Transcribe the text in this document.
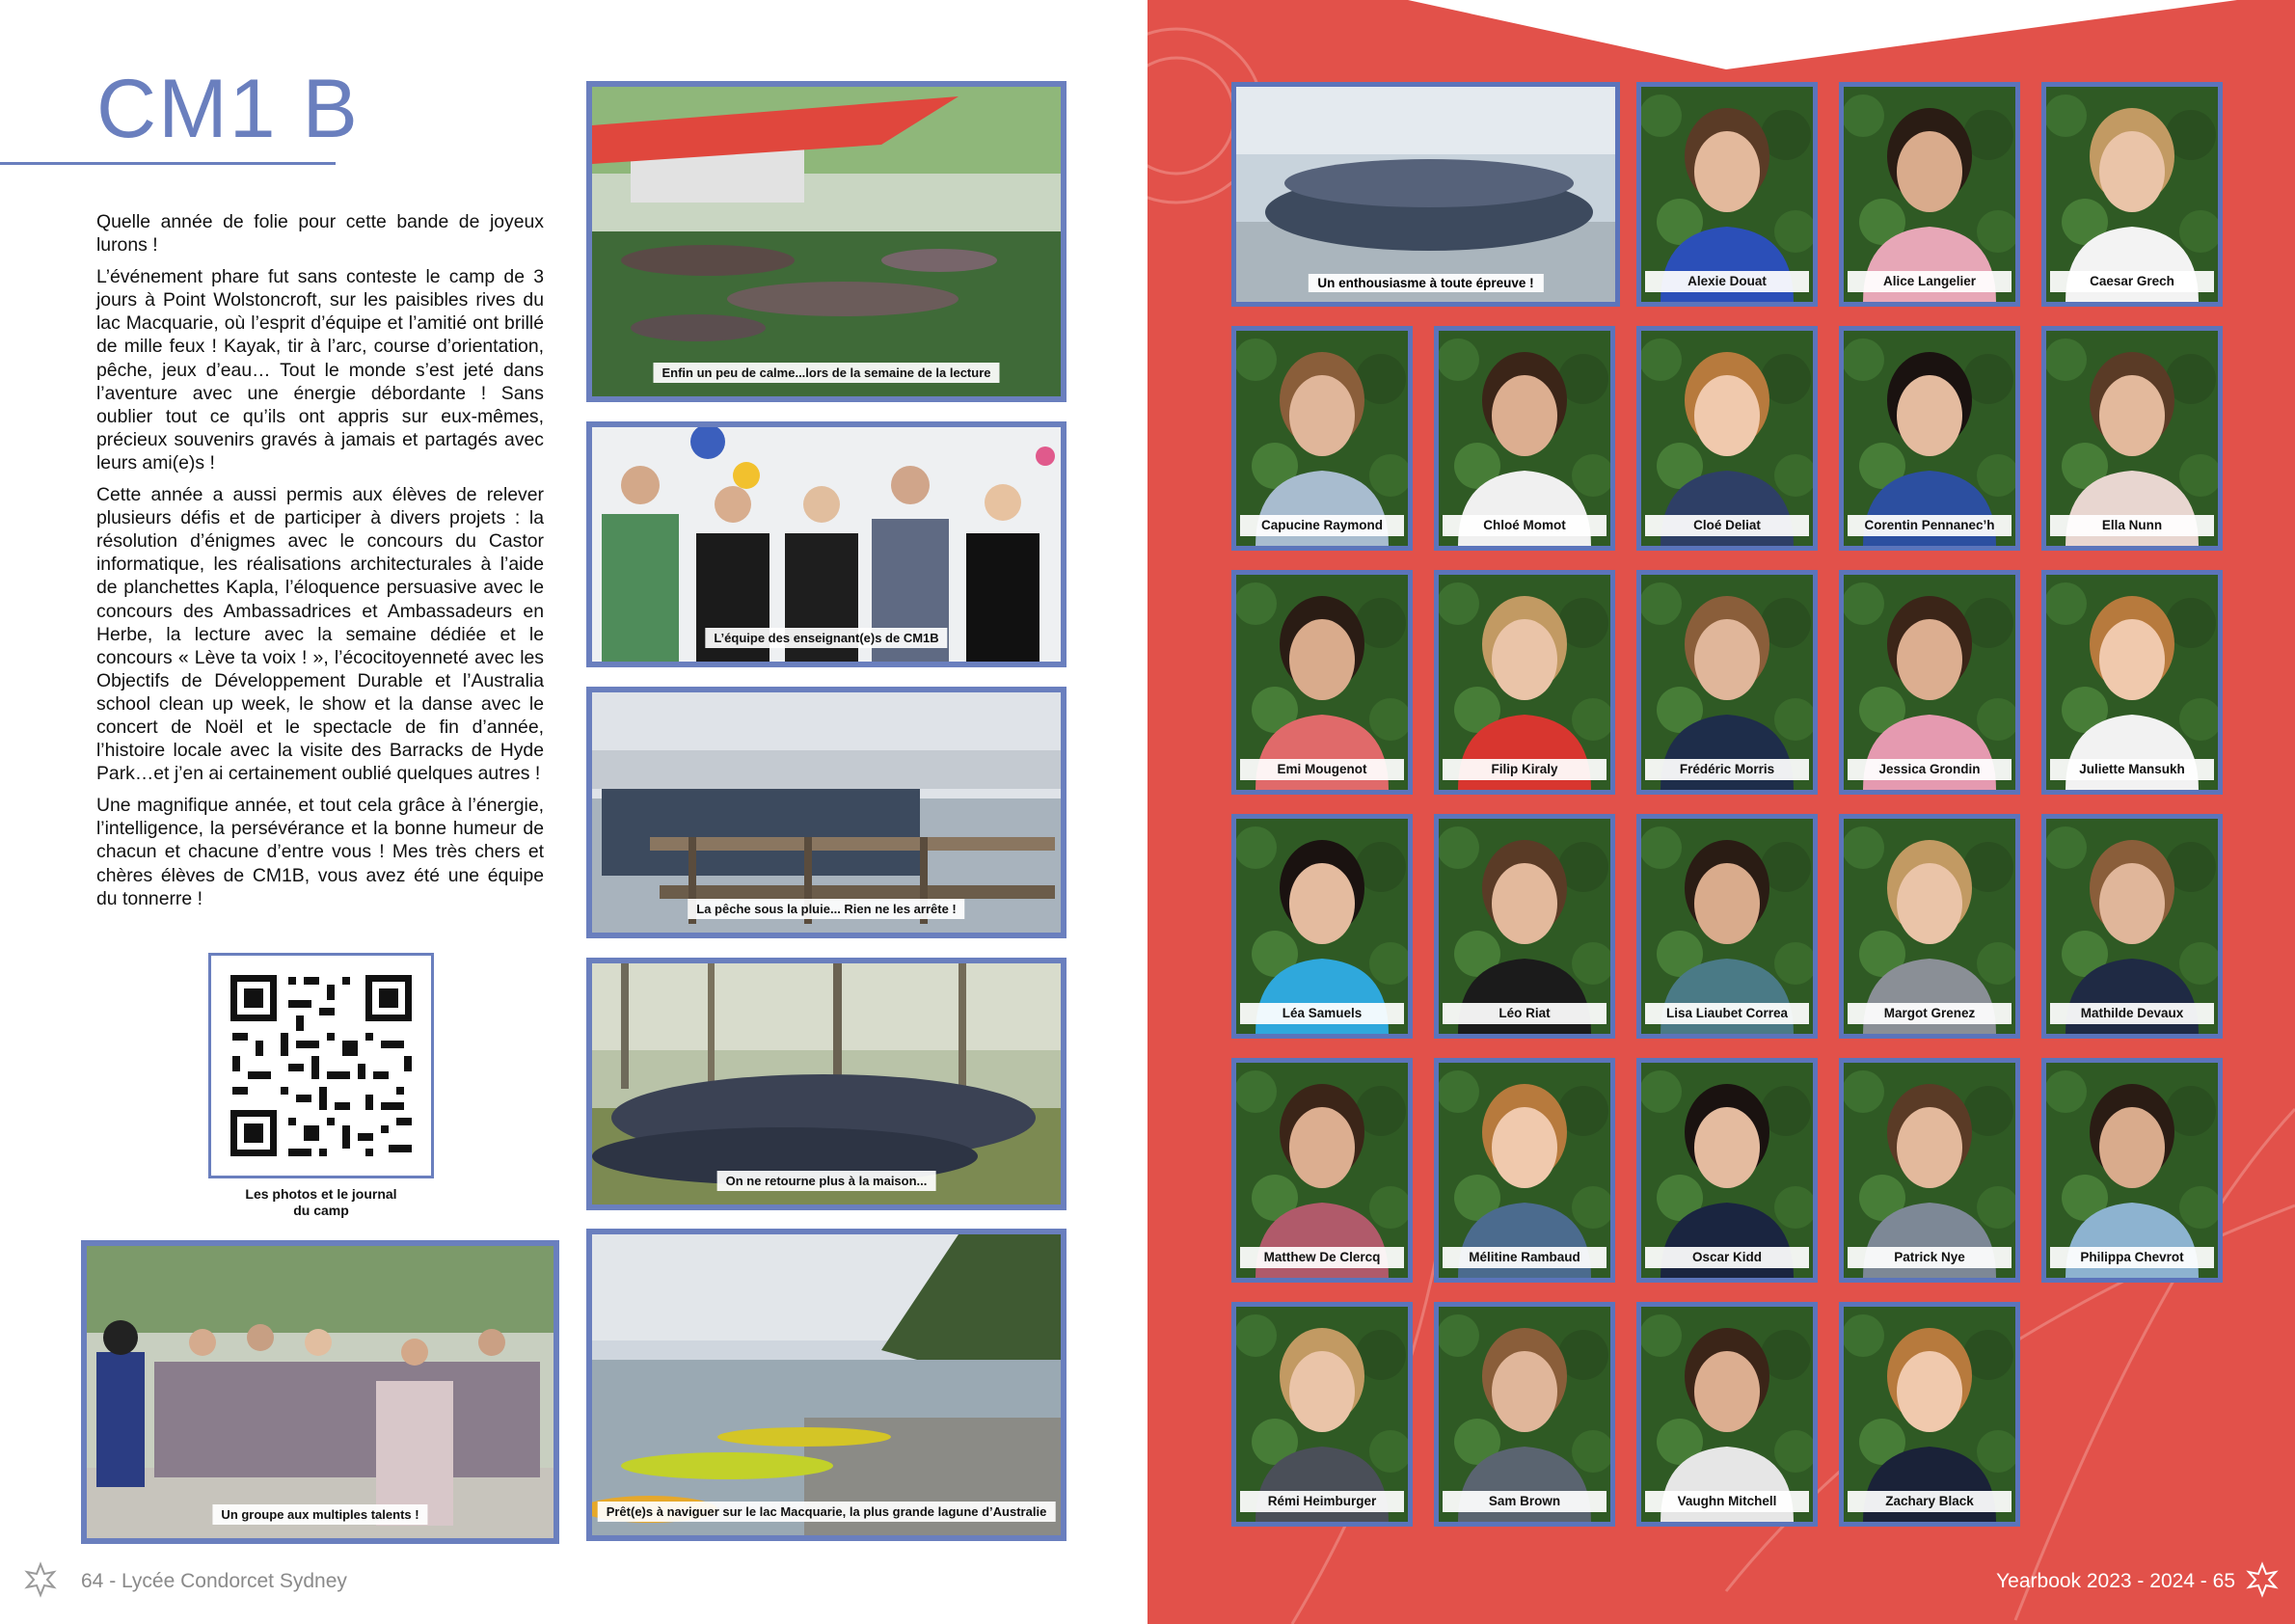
CM1 B

Quelle année de folie pour cette bande de joyeux lurons !

L’événement phare fut sans conteste le camp de 3 jours à Point Wolstoncroft, sur les paisibles rives du lac Macquarie, où l’esprit d’équipe et l’amitié ont brillé de mille feux ! Kayak, tir à l’arc, course d’orientation, pêche, jeux d’eau… Tout le monde s’est jeté dans l’aventure avec une énergie débordante ! Sans oublier tout ce qu’ils ont appris sur eux-mêmes, précieux souvenirs gravés à jamais et partagés avec leurs ami(e)s !

Cette année a aussi permis aux élèves de relever plusieurs défis et de participer à divers projets : la résolution d’énigmes avec le concours du Castor informatique, les réalisations architecturales à l’aide de planchettes Kapla, l’éloquence persuasive avec le concours des Ambassadrices et Ambassadeurs en Herbe, la lecture avec la semaine dédiée et le concours « Lève ta voix ! », l’écocitoyenneté avec les Objectifs de Développement Durable et l’Australia school clean up week, le show et la danse avec le concert de Noël et le spectacle de fin d’année, l’histoire locale avec la visite des Barracks de Hyde Park…et j’en ai certainement oublié quelques autres !

Une magnifique année, et tout cela grâce à l’énergie, l’intelligence, la persévérance et la bonne humeur de chacun et chacune d’entre vous ! Mes très chers et chères élèves de CM1B, vous avez été une équipe du tonnerre !

Les photos et le journal
du camp
Enfin un peu de calme...lors de la semaine de la lecture
L’équipe des enseignant(e)s de CM1B
La pêche sous la pluie... Rien ne les arrête !
On ne retourne plus à la maison...
Prêt(e)s à naviguer sur le lac Macquarie, la plus grande lagune d’Australie
Un groupe aux multiples talents !
64 - Lycée Condorcet Sydney
Un enthousiasme à toute épreuve !	Alexie Douat	Alice Langelier	Caesar Grech
Capucine Raymond	Chloé Momot	Cloé Deliat	Corentin Pennanec’h	Ella Nunn
Emi Mougenot	Filip Kiraly	Frédéric Morris	Jessica Grondin	Juliette Mansukh
Léa Samuels	Léo Riat	Lisa Liaubet Correa	Margot Grenez	Mathilde Devaux
Matthew De Clercq	Mélitine Rambaud	Oscar Kidd	Patrick Nye	Philippa Chevrot
Rémi Heimburger	Sam Brown	Vaughn Mitchell	Zachary Black
Yearbook 2023 - 2024 - 65
